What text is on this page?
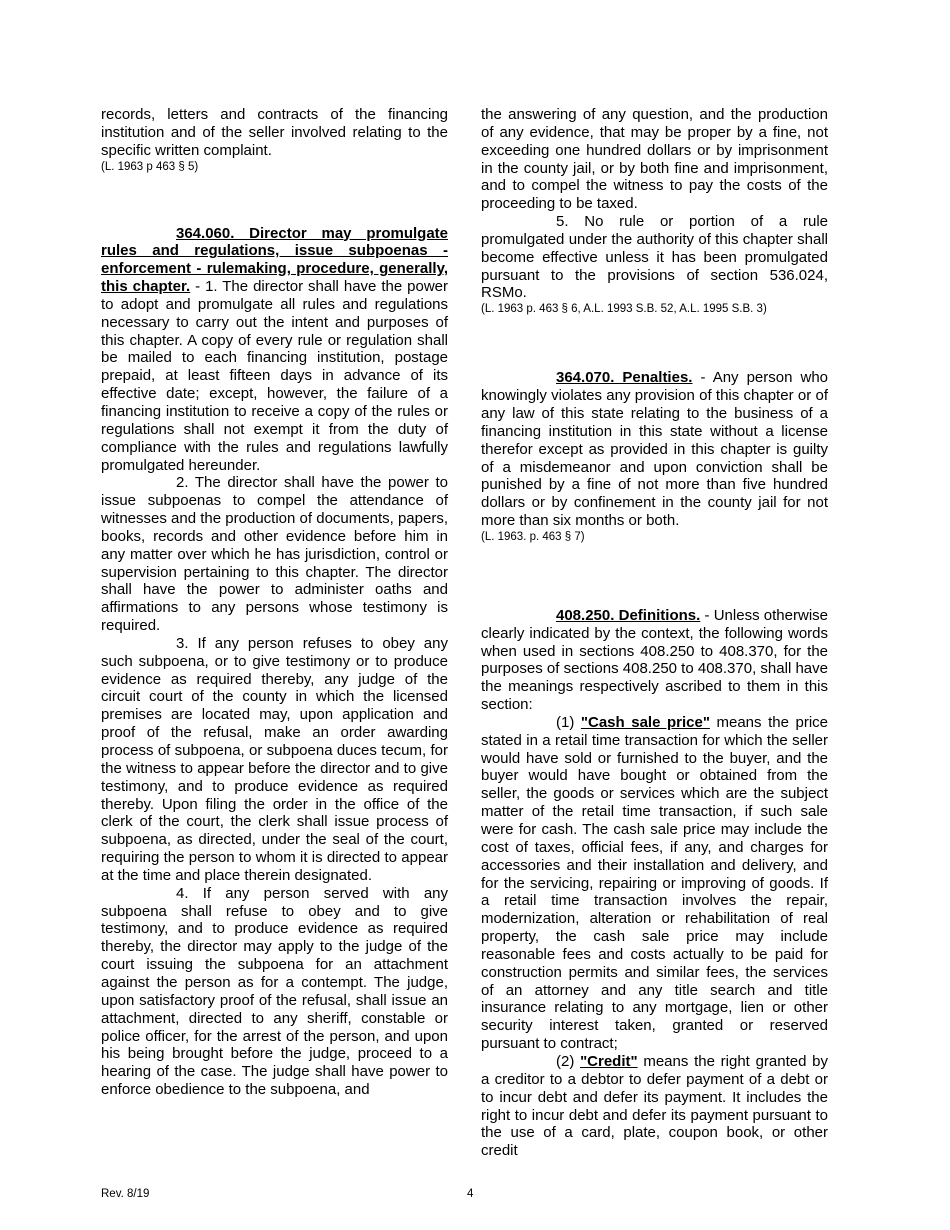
records, letters and contracts of the financing institution and of the seller involved relating to the specific written complaint.

(L. 1963 p 463 § 5)

364.060. Director may promulgate rules and regulations, issue subpoenas - enforcement - rulemaking, procedure, generally, this chapter. - 1. The director shall have the power to adopt and promulgate all rules and regulations necessary to carry out the intent and purposes of this chapter. A copy of every rule or regulation shall be mailed to each financing institution, postage prepaid, at least fifteen days in advance of its effective date; except, however, the failure of a financing institution to receive a copy of the rules or regulations shall not exempt it from the duty of compliance with the rules and regulations lawfully promulgated hereunder.

2. The director shall have the power to issue subpoenas to compel the attendance of witnesses and the production of documents, papers, books, records and other evidence before him in any matter over which he has jurisdiction, control or supervision pertaining to this chapter. The director shall have the power to administer oaths and affirmations to any persons whose testimony is required.

3. If any person refuses to obey any such subpoena, or to give testimony or to produce evidence as required thereby, any judge of the circuit court of the county in which the licensed premises are located may, upon application and proof of the refusal, make an order awarding process of subpoena, or subpoena duces tecum, for the witness to appear before the director and to give testimony, and to produce evidence as required thereby. Upon filing the order in the office of the clerk of the court, the clerk shall issue process of subpoena, as directed, under the seal of the court, requiring the person to whom it is directed to appear at the time and place therein designated.

4. If any person served with any subpoena shall refuse to obey and to give testimony, and to produce evidence as required thereby, the director may apply to the judge of the court issuing the subpoena for an attachment against the person as for a contempt. The judge, upon satisfactory proof of the refusal, shall issue an attachment, directed to any sheriff, constable or police officer, for the arrest of the person, and upon his being brought before the judge, proceed to a hearing of the case. The judge shall have power to enforce obedience to the subpoena, and

the answering of any question, and the production of any evidence, that may be proper by a fine, not exceeding one hundred dollars or by imprisonment in the county jail, or by both fine and imprisonment, and to compel the witness to pay the costs of the proceeding to be taxed.

5. No rule or portion of a rule promulgated under the authority of this chapter shall become effective unless it has been promulgated pursuant to the provisions of section 536.024, RSMo.

(L. 1963 p. 463 § 6, A.L. 1993 S.B. 52, A.L. 1995 S.B. 3)

364.070. Penalties. - Any person who knowingly violates any provision of this chapter or of any law of this state relating to the business of a financing institution in this state without a license therefor except as provided in this chapter is guilty of a misdemeanor and upon conviction shall be punished by a fine of not more than five hundred dollars or by confinement in the county jail for not more than six months or both.

(L. 1963. p. 463 § 7)

408.250. Definitions. - Unless otherwise clearly indicated by the context, the following words when used in sections 408.250 to 408.370, for the purposes of sections 408.250 to 408.370, shall have the meanings respectively ascribed to them in this section:

(1) "Cash sale price" means the price stated in a retail time transaction for which the seller would have sold or furnished to the buyer, and the buyer would have bought or obtained from the seller, the goods or services which are the subject matter of the retail time transaction, if such sale were for cash. The cash sale price may include the cost of taxes, official fees, if any, and charges for accessories and their installation and delivery, and for the servicing, repairing or improving of goods. If a retail time transaction involves the repair, modernization, alteration or rehabilitation of real property, the cash sale price may include reasonable fees and costs actually to be paid for construction permits and similar fees, the services of an attorney and any title search and title insurance relating to any mortgage, lien or other security interest taken, granted or reserved pursuant to contract;

(2) "Credit" means the right granted by a creditor to a debtor to defer payment of a debt or to incur debt and defer its payment. It includes the right to incur debt and defer its payment pursuant to the use of a card, plate, coupon book, or other credit

Rev. 8/19	4
